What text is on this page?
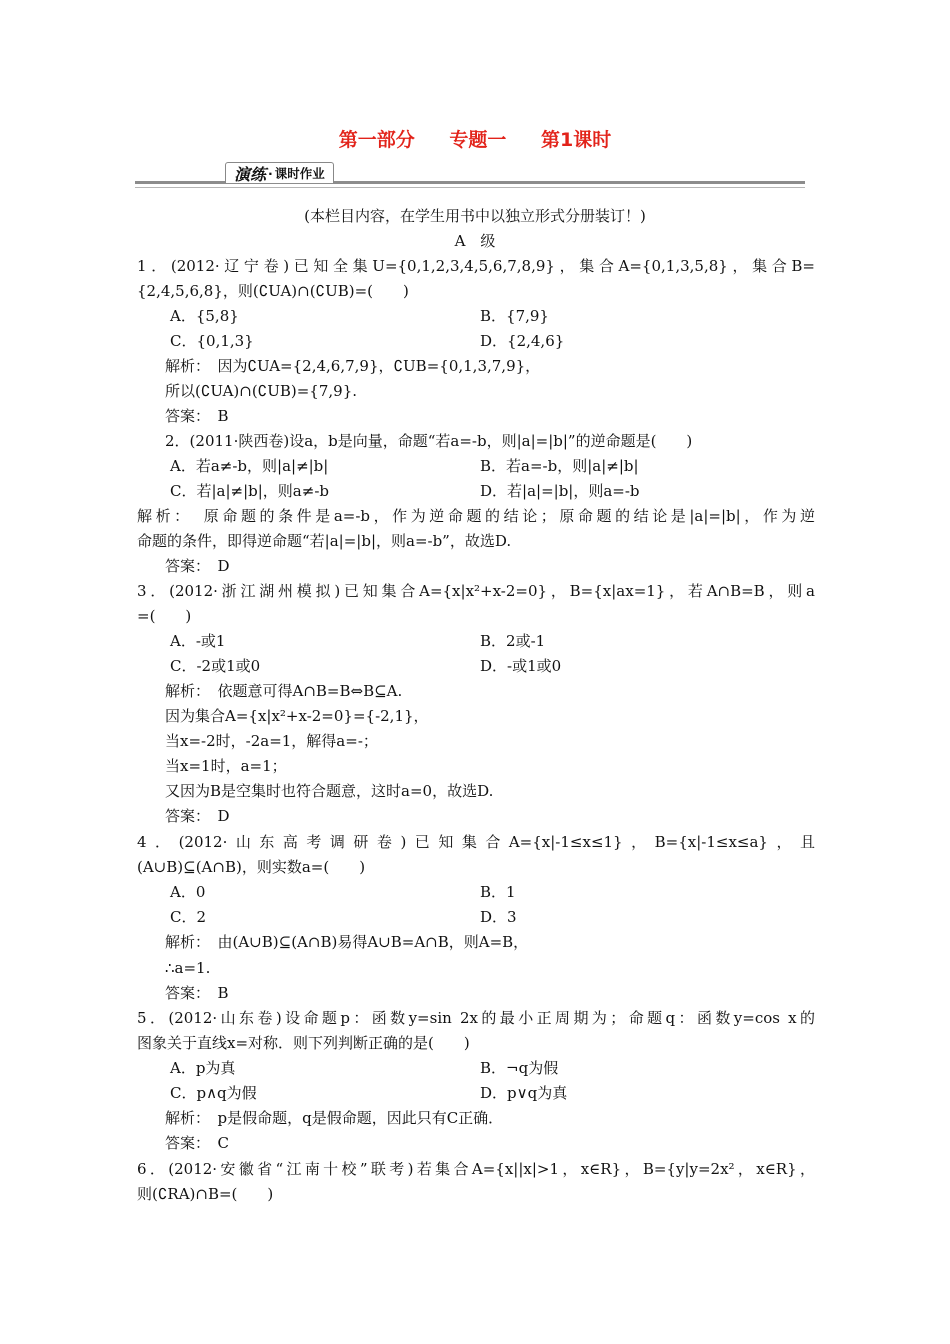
第一部分 专题一 第1课时
演练 · 课时作业
(本栏目内容，在学生用书中以独立形式分册装订！)
A　级
1．(2012·辽宁卷)已知全集U={0,1,2,3,4,5,6,7,8,9}，集合A={0,1,3,5,8}，集合B=
{2,4,5,6,8}，则(∁UA)∩(∁UB)=(　　)
A．{5,8}	B．{7,9}
C．{0,1,3}	D．{2,4,6}
解析：　因为∁UA={2,4,6,7,9}，∁UB={0,1,3,7,9}，
所以(∁UA)∩(∁UB)={7,9}.
答案：　B
2．(2011·陕西卷)设a，b是向量，命题“若a=-b，则|a|=|b|”的逆命题是(　　)
A．若a≠-b，则|a|≠|b|	B．若a=-b，则|a|≠|b|
C．若|a|≠|b|，则a≠-b	D．若|a|=|b|，则a=-b
解析：　原命题的条件是a=-b，作为逆命题的结论；原命题的结论是|a|=|b|，作为逆
命题的条件，即得逆命题“若|a|=|b|，则a=-b”，故选D.
答案：　D
3．(2012·浙江湖州模拟)已知集合A={x|x²+x-2=0}，B={x|ax=1}，若A∩B=B，则a
=(　　)
A．-或1	B．2或-1
C．-2或1或0	D．-或1或0
解析：　依题意可得A∩B=B⇔B⊆A.
因为集合A={x|x²+x-2=0}={-2,1}，
当x=-2时，-2a=1，解得a=-；
当x=1时，a=1；
又因为B是空集时也符合题意，这时a=0，故选D.
答案：　D
4．(2012·山东高考调研卷)已知集合A={x|-1≤x≤1}，B={x|-1≤x≤a}，且
(A∪B)⊆(A∩B)，则实数a=(　　)
A．0	B．1
C．2	D．3
解析：　由(A∪B)⊆(A∩B)易得A∪B=A∩B，则A=B，
∴a=1.
答案：　B
5．(2012·山东卷)设命题p：函数y=sin 2x的最小正周期为；命题q：函数y=cos x的
图象关于直线x=对称．则下列判断正确的是(　　)
A．p为真	B．¬q为假
C．p∧q为假	D．p∨q为真
解析：　p是假命题，q是假命题，因此只有C正确．
答案：　C
6．(2012·安徽省“江南十校”联考)若集合A={x||x|>1，x∈R}，B={y|y=2x²，x∈R}，
则(∁RA)∩B=(　　)
